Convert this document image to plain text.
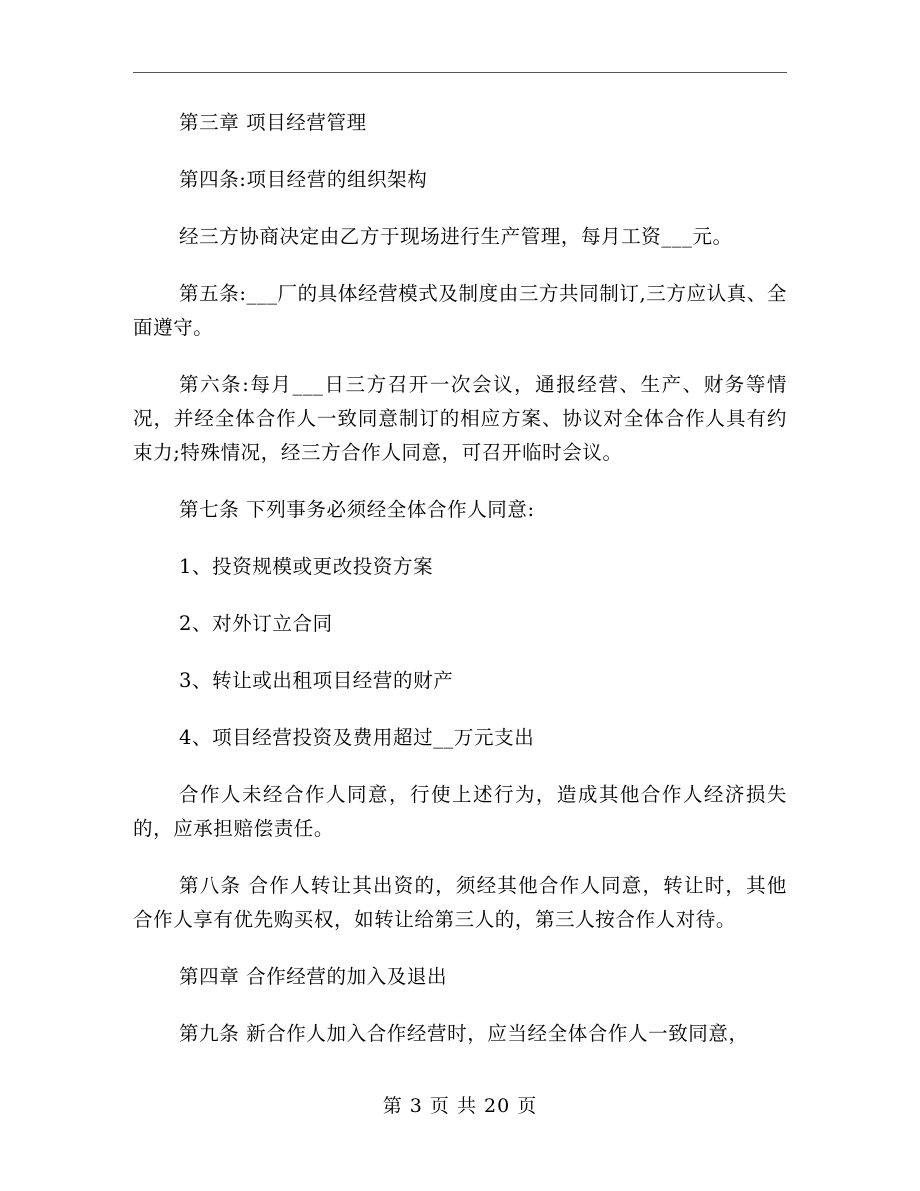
第三章 项目经营管理

第四条:项目经营的组织架构

经三方协商决定由乙方于现场进行生产管理，每月工资___元。

第五条:___厂的具体经营模式及制度由三方共同制订,三方应认真、全面遵守。

第六条:每月___日三方召开一次会议，通报经营、生产、财务等情况，并经全体合作人一致同意制订的相应方案、协议对全体合作人具有约束力;特殊情况，经三方合作人同意，可召开临时会议。

第七条 下列事务必须经全体合作人同意:

1、投资规模或更改投资方案

2、对外订立合同

3、转让或出租项目经营的财产

4、项目经营投资及费用超过__万元支出

合作人未经合作人同意，行使上述行为，造成其他合作人经济损失的，应承担赔偿责任。

第八条 合作人转让其出资的，须经其他合作人同意，转让时，其他合作人享有优先购买权，如转让给第三人的，第三人按合作人对待。

第四章 合作经营的加入及退出

第九条 新合作人加入合作经营时，应当经全体合作人一致同意，

第 3 页 共 20 页
